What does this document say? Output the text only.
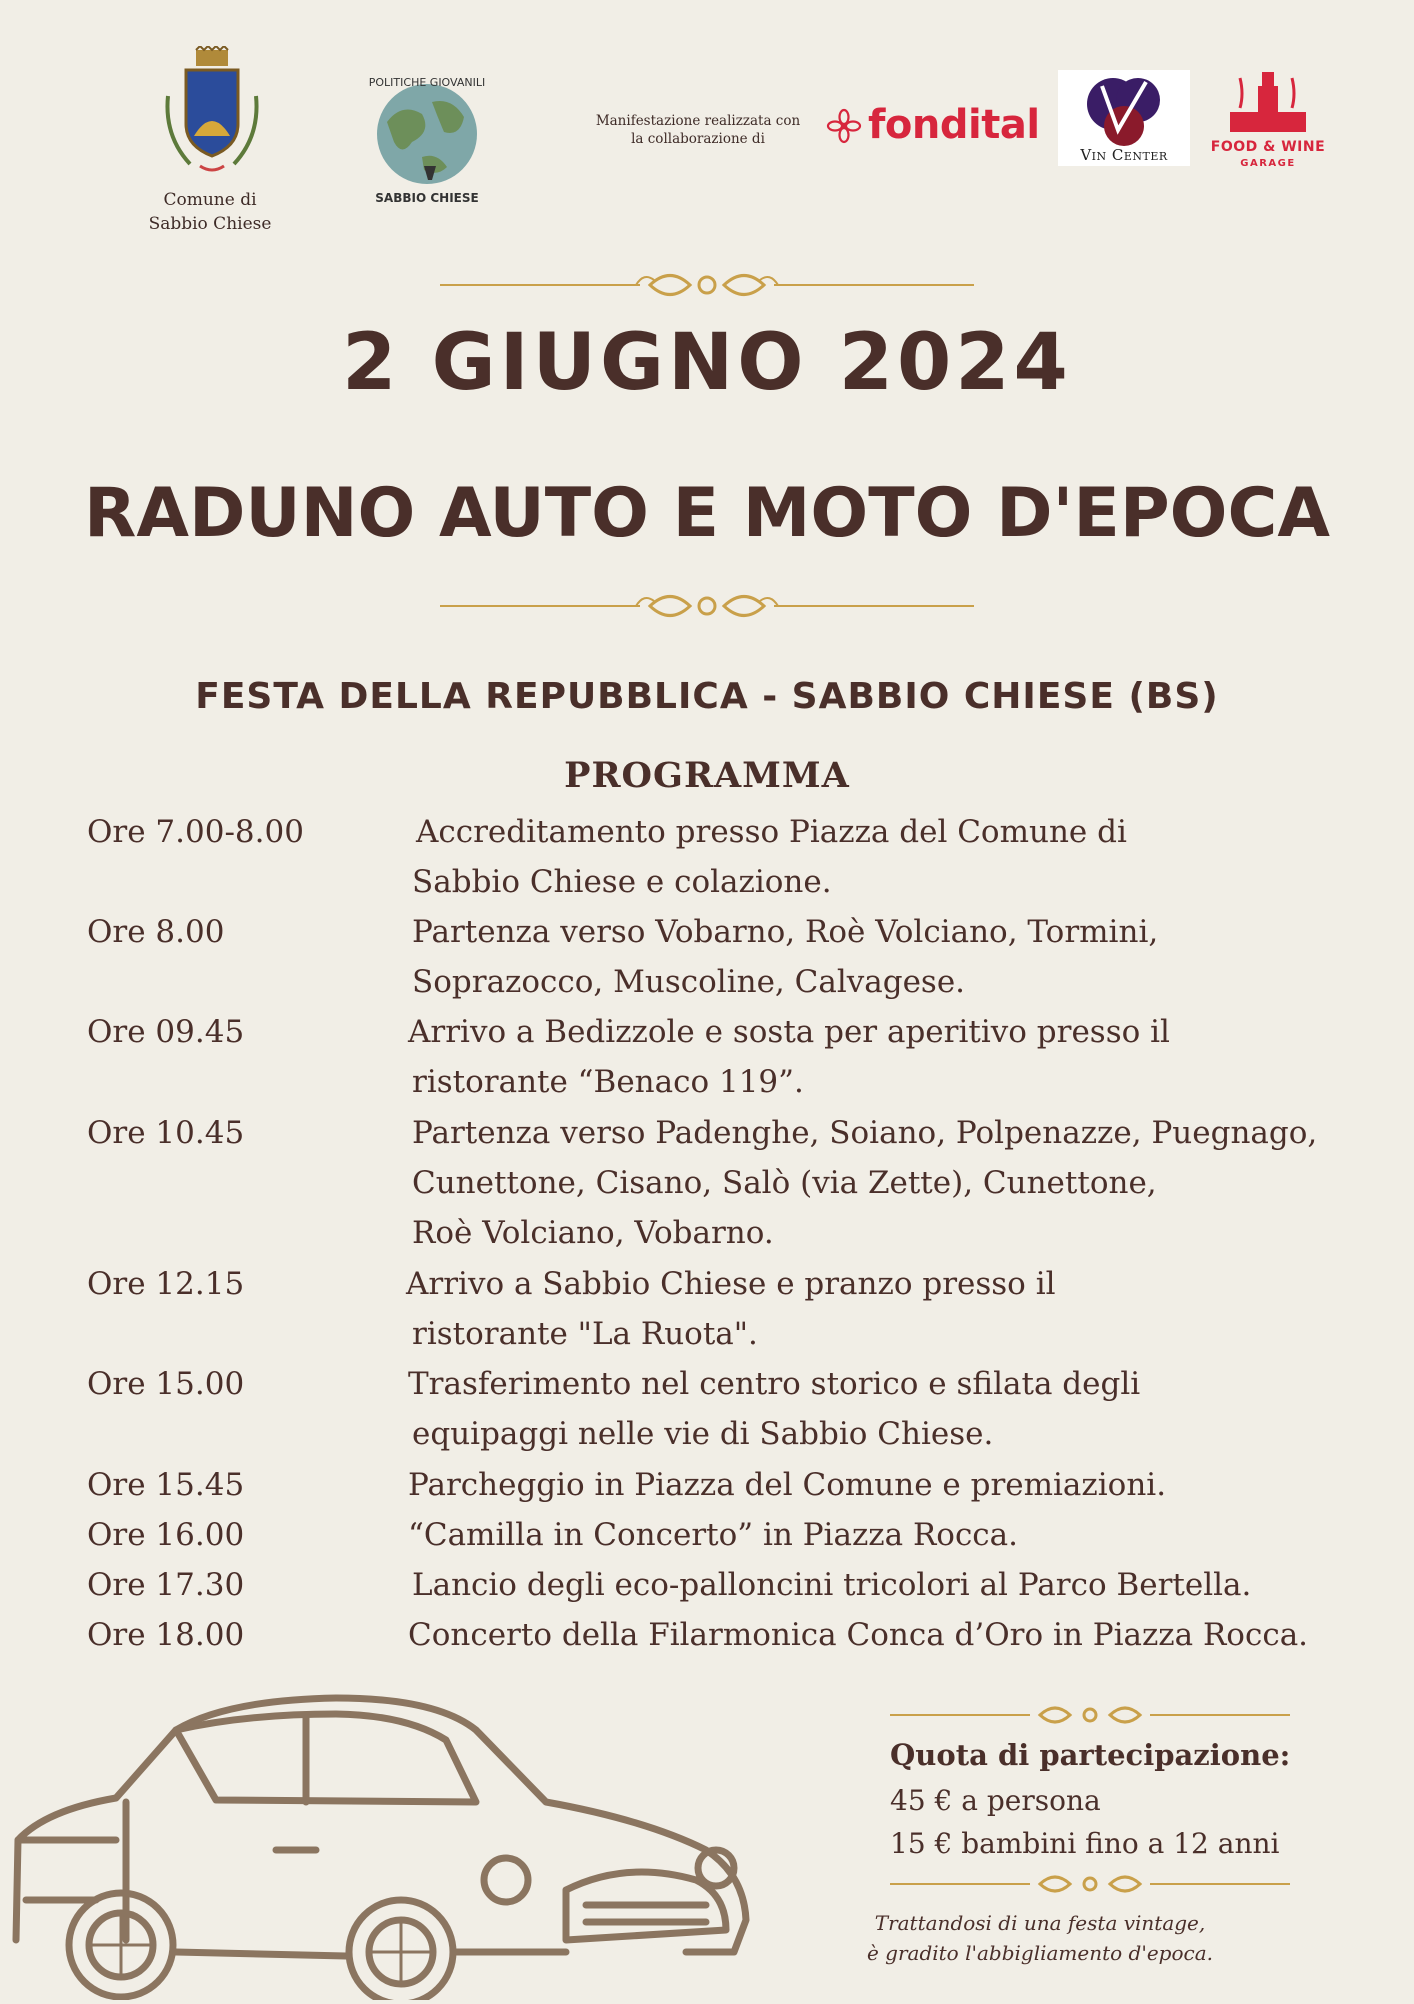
Comune di
Sabbio Chiese
POLITICHE GIOVANILI
SABBIO CHIESE
Manifestazione realizzata con
la collaborazione di	fondital
Vin Center	FOOD & WINE
GARAGE
2 GIUGNO 2024
RADUNO AUTO E MOTO D'EPOCA
FESTA DELLA REPUBBLICA - SABBIO CHIESE (BS)
PROGRAMMA
Ore 7.00-8.00	Accreditamento presso Piazza del Comune di
Sabbio Chiese e colazione.
Ore 8.00	Partenza verso Vobarno, Roè Volciano, Tormini,
Soprazocco, Muscoline, Calvagese.
Ore 09.45	Arrivo a Bedizzole e sosta per aperitivo presso il
ristorante “Benaco 119”.
Ore 10.45	Partenza verso Padenghe, Soiano, Polpenazze, Puegnago,
Cunettone, Cisano, Salò (via Zette), Cunettone,
Roè Volciano, Vobarno.
Ore 12.15	Arrivo a Sabbio Chiese e pranzo presso il
ristorante "La Ruota".
Ore 15.00	Trasferimento nel centro storico e sfilata degli
equipaggi nelle vie di Sabbio Chiese.
Ore 15.45	Parcheggio in Piazza del Comune e premiazioni.
Ore 16.00	“Camilla in Concerto” in Piazza Rocca.
Ore 17.30	Lancio degli eco-palloncini tricolori al Parco Bertella.
Ore 18.00	Concerto della Filarmonica Conca d’Oro in Piazza Rocca.
Quota di partecipazione:
45 € a persona
15 € bambini fino a 12 anni
Trattandosi di una festa vintage,
è gradito l'abbigliamento d'epoca.
